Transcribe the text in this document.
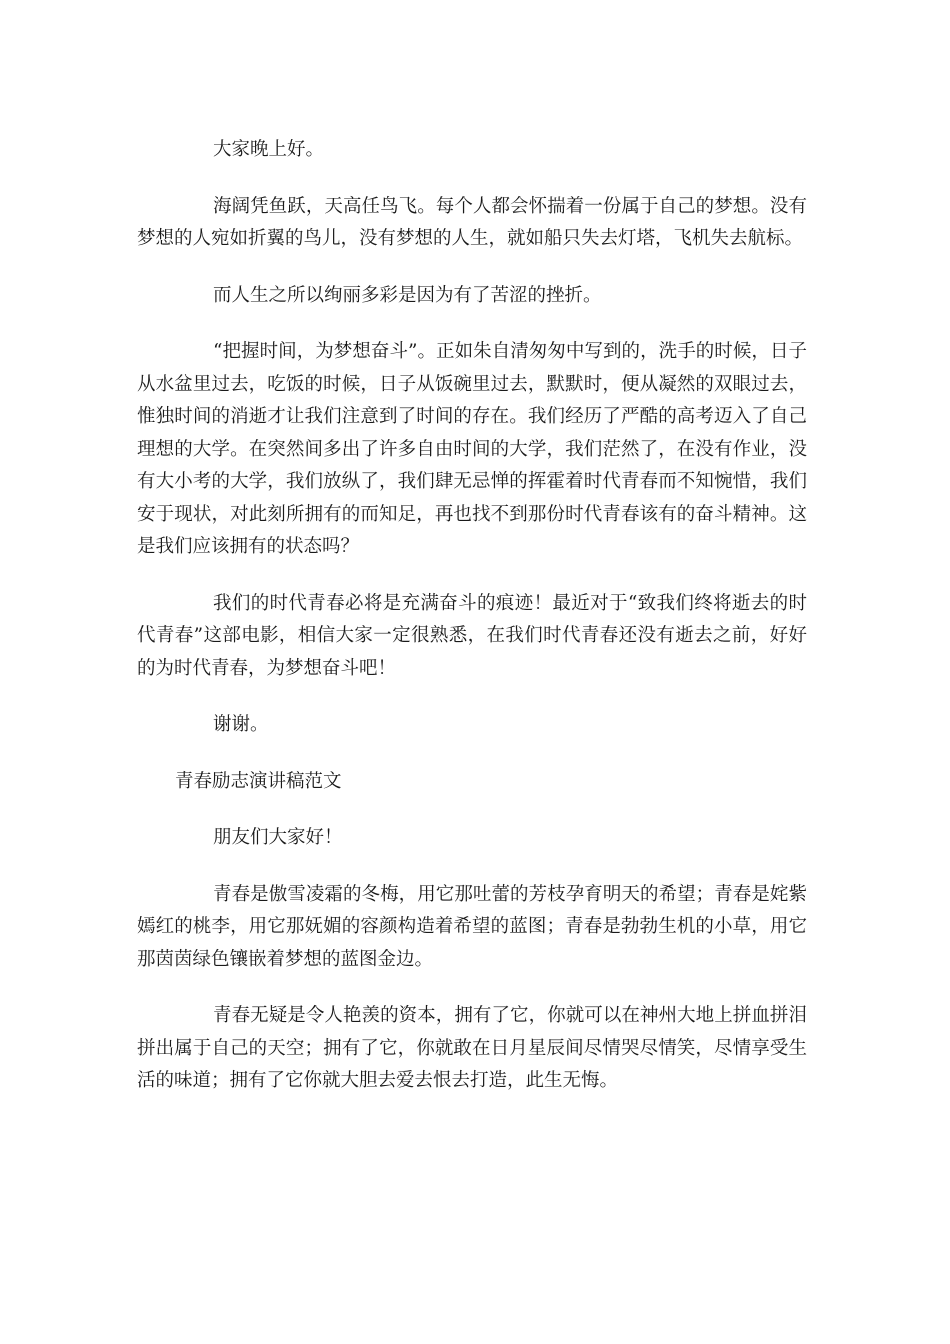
大家晚上好。

海阔凭鱼跃，天高任鸟飞。每个人都会怀揣着一份属于自己的梦想。没有梦想的人宛如折翼的鸟儿，没有梦想的人生，就如船只失去灯塔，飞机失去航标。

而人生之所以绚丽多彩是因为有了苦涩的挫折。

“把握时间，为梦想奋斗”。正如朱自清匆匆中写到的，洗手的时候，日子从水盆里过去，吃饭的时候，日子从饭碗里过去，默默时，便从凝然的双眼过去，惟独时间的消逝才让我们注意到了时间的存在。我们经历了严酷的高考迈入了自己理想的大学。在突然间多出了许多自由时间的大学，我们茫然了，在没有作业，没有大小考的大学，我们放纵了，我们肆无忌惮的挥霍着时代青春而不知惋惜，我们安于现状，对此刻所拥有的而知足，再也找不到那份时代青春该有的奋斗精神。这是我们应该拥有的状态吗？

我们的时代青春必将是充满奋斗的痕迹！最近对于“致我们终将逝去的时代青春”这部电影，相信大家一定很熟悉，在我们时代青春还没有逝去之前，好好的为时代青春，为梦想奋斗吧！

谢谢。

青春励志演讲稿范文

朋友们大家好！

青春是傲雪凌霜的冬梅，用它那吐蕾的芳枝孕育明天的希望；青春是姹紫嫣红的桃李，用它那妩媚的容颜构造着希望的蓝图；青春是勃勃生机的小草，用它那茵茵绿色镶嵌着梦想的蓝图金边。

青春无疑是令人艳羡的资本，拥有了它，你就可以在神州大地上拼血拼泪拼出属于自己的天空；拥有了它，你就敢在日月星辰间尽情哭尽情笑，尽情享受生活的味道；拥有了它你就大胆去爱去恨去打造，此生无悔。
